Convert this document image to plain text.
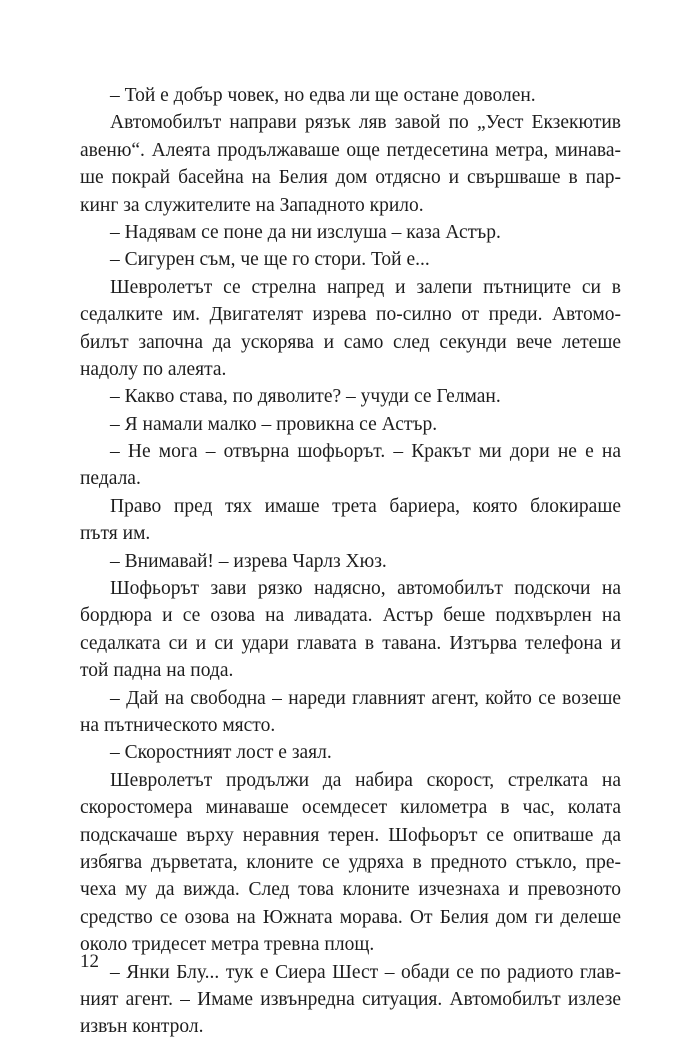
– Той е добър човек, но едва ли ще остане доволен.
Автомобилът направи рязък ляв завой по „Уест Екзекютив
авеню“. Алеята продължаваше още петдесетина метра, минава-
ше покрай басейна на Белия дом отдясно и свършваше в пар-
кинг за служителите на Западното крило.
– Надявам се поне да ни изслуша – каза Астър.
– Сигурен съм, че ще го стори. Той е...
Шевролетът се стрелна напред и залепи пътниците си в
седалките им. Двигателят изрева по-силно от преди. Автомо-
билът започна да ускорява и само след секунди вече летеше
надолу по алеята.
– Какво става, по дяволите? – учуди се Гелман.
– Я намали малко – провикна се Астър.
– Не мога – отвърна шофьорът. – Кракът ми дори не е на
педала.
Право пред тях имаше трета бариера, която блокираше
пътя им.
– Внимавай! – изрева Чарлз Хюз.
Шофьорът зави рязко надясно, автомобилът подскочи на
бордюра и се озова на ливадата. Астър беше подхвърлен на
седалката си и си удари главата в тавана. Изтърва телефона и
той падна на пода.
– Дай на свободна – нареди главният агент, който се возеше
на пътническото място.
– Скоростният лост е заял.
Шевролетът продължи да набира скорост, стрелката на
скоростомера минаваше осемдесет километра в час, колата
подскачаше върху неравния терен. Шофьорът се опитваше да
избягва дърветата, клоните се удряха в предното стъкло, пре-
чеха му да вижда. След това клоните изчезнаха и превозното
средство се озова на Южната морава. От Белия дом ги делеше
около тридесет метра тревна площ.
– Янки Блу... тук е Сиера Шест – обади се по радиото глав-
ният агент. – Имаме извънредна ситуация. Автомобилът излезе
извън контрол.
12
